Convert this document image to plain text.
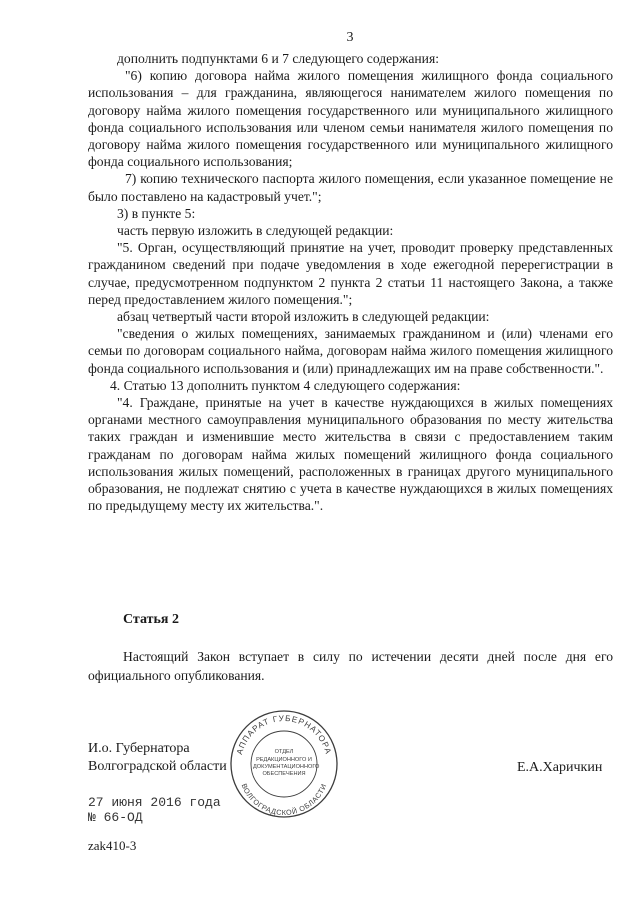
3

дополнить подпунктами 6 и 7 следующего содержания:

"6) копию договора найма жилого помещения жилищного фонда социального использования – для гражданина, являющегося нанимателем жилого помещения по договору найма жилого помещения государственного или муниципального жилищного фонда социального использования или членом семьи нанимателя жилого помещения по договору найма жилого помещения государственного или муниципального жилищного фонда социального использования;

7) копию технического паспорта жилого помещения, если указанное помещение не было поставлено на кадастровый учет.";

3) в пункте 5:

часть первую изложить в следующей редакции:

"5. Орган, осуществляющий принятие на учет, проводит проверку представленных гражданином сведений при подаче уведомления в ходе ежегодной перерегистрации в случае, предусмотренном подпунктом 2 пункта 2 статьи 11 настоящего Закона, а также перед предоставлением жилого помещения.";

абзац четвертый части второй изложить в следующей редакции:

"сведения о жилых помещениях, занимаемых гражданином и (или) членами его семьи по договорам социального найма, договорам найма жилого помещения жилищного фонда социального использования и (или) принадлежащих им на праве собственности.".

4. Статью 13 дополнить пунктом 4 следующего содержания:

"4. Граждане, принятые на учет в качестве нуждающихся в жилых помещениях органами местного самоуправления муниципального образования по месту жительства таких граждан и изменившие место жительства в связи с предоставлением таким гражданам по договорам найма жилых помещений жилищного фонда социального использования жилых помещений, расположенных в границах другого муниципального образования, не подлежат снятию с учета в качестве нуждающихся в жилых помещениях по предыдущему месту их жительства.".

Статья 2

Настоящий Закон вступает в силу по истечении десяти дней после дня его официального опубликования.

И.о. Губернатора
Волгоградской области	Е.А.Харичкин
27 июня 2016 года
№ 66-ОД
zak410-3
АППАРАТ ГУБЕРНАТОРА
ВОЛГОГРАДСКОЙ ОБЛАСТИ
ОТДЕЛ РЕДАКЦИОННОГО И ДОКУМЕНТАЦИОННОГО ОБЕСПЕЧЕНИЯ
